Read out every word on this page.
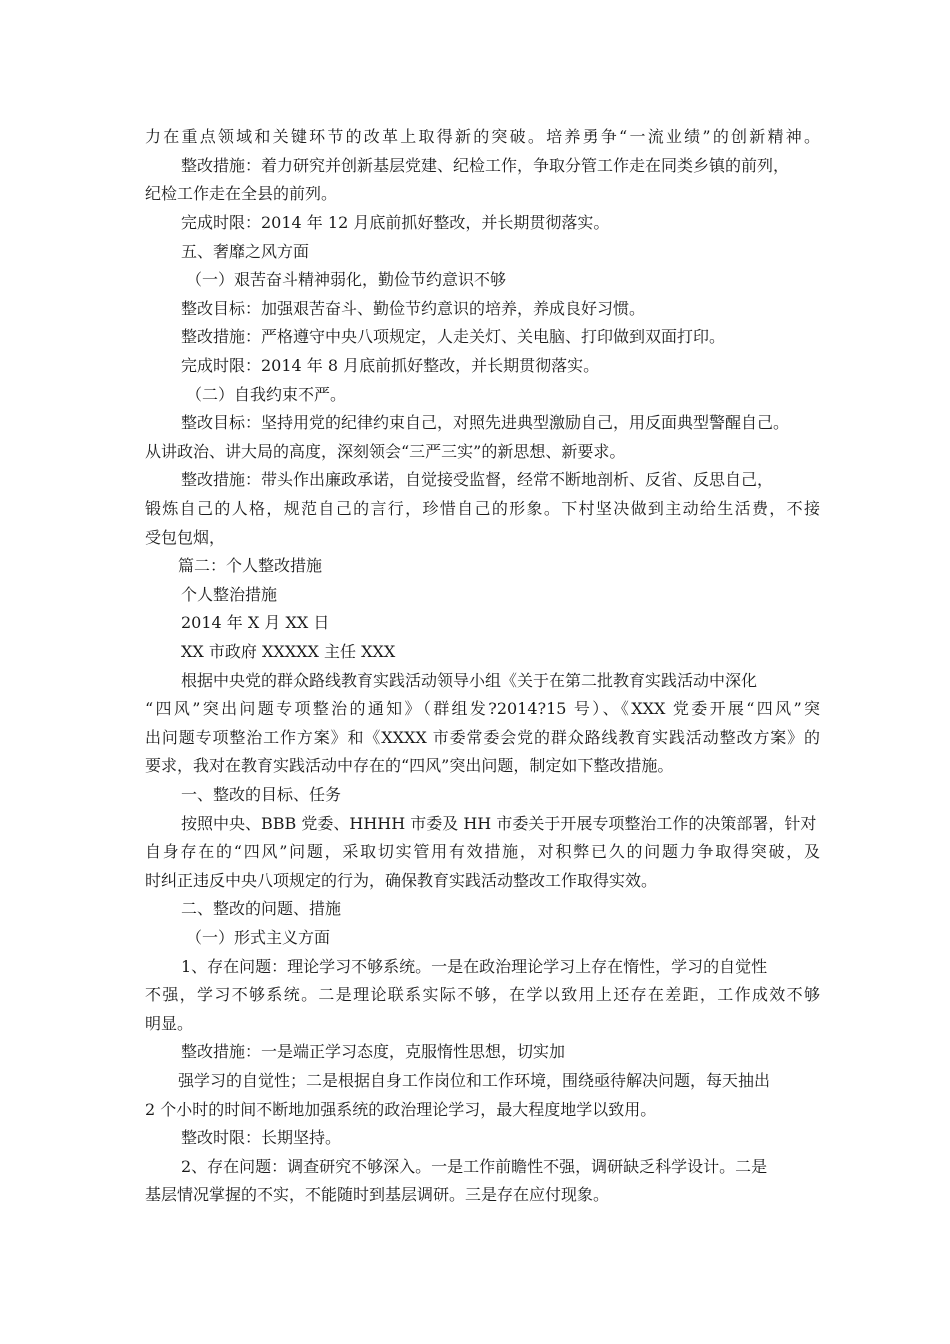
力在重点领域和关键环节的改革上取得新的突破。培养勇争“一流业绩”的创新精神。
整改措施：着力研究并创新基层党建、纪检工作，争取分管工作走在同类乡镇的前列，
纪检工作走在全县的前列。
完成时限：2014 年 12 月底前抓好整改，并长期贯彻落实。
五、奢靡之风方面
（一）艰苦奋斗精神弱化，勤俭节约意识不够
整改目标：加强艰苦奋斗、勤俭节约意识的培养，养成良好习惯。
整改措施：严格遵守中央八项规定，人走关灯、关电脑、打印做到双面打印。
完成时限：2014 年 8 月底前抓好整改，并长期贯彻落实。
（二）自我约束不严。
整改目标：坚持用党的纪律约束自己，对照先进典型激励自己，用反面典型警醒自己。
从讲政治、讲大局的高度，深刻领会“三严三实”的新思想、新要求。
整改措施：带头作出廉政承诺，自觉接受监督，经常不断地剖析、反省、反思自己，
锻炼自己的人格，规范自己的言行，珍惜自己的形象。下村坚决做到主动给生活费，不接
受包包烟，
篇二：个人整改措施
个人整治措施
2014 年 X 月 XX 日
XX 市政府 XXXXX 主任 XXX
根据中央党的群众路线教育实践活动领导小组《关于在第二批教育实践活动中深化
“四风”突出问题专项整治的通知》（群组发?2014?15 号）、《XXX 党委开展“四风”突
出问题专项整治工作方案》和《XXXX 市委常委会党的群众路线教育实践活动整改方案》的
要求，我对在教育实践活动中存在的“四风”突出问题，制定如下整改措施。
一、整改的目标、任务
按照中央、BBB 党委、HHHH 市委及 HH 市委关于开展专项整治工作的决策部署，针对
自身存在的“四风”问题，采取切实管用有效措施，对积弊已久的问题力争取得突破，及
时纠正违反中央八项规定的行为，确保教育实践活动整改工作取得实效。
二、整改的问题、措施
（一）形式主义方面
1、存在问题：理论学习不够系统。一是在政治理论学习上存在惰性，学习的自觉性
不强，学习不够系统。二是理论联系实际不够，在学以致用上还存在差距，工作成效不够
明显。
整改措施：一是端正学习态度，克服惰性思想，切实加
强学习的自觉性；二是根据自身工作岗位和工作环境，围绕亟待解决问题，每天抽出
2 个小时的时间不断地加强系统的政治理论学习，最大程度地学以致用。
整改时限：长期坚持。
2、存在问题：调查研究不够深入。一是工作前瞻性不强，调研缺乏科学设计。二是
基层情况掌握的不实，不能随时到基层调研。三是存在应付现象。
